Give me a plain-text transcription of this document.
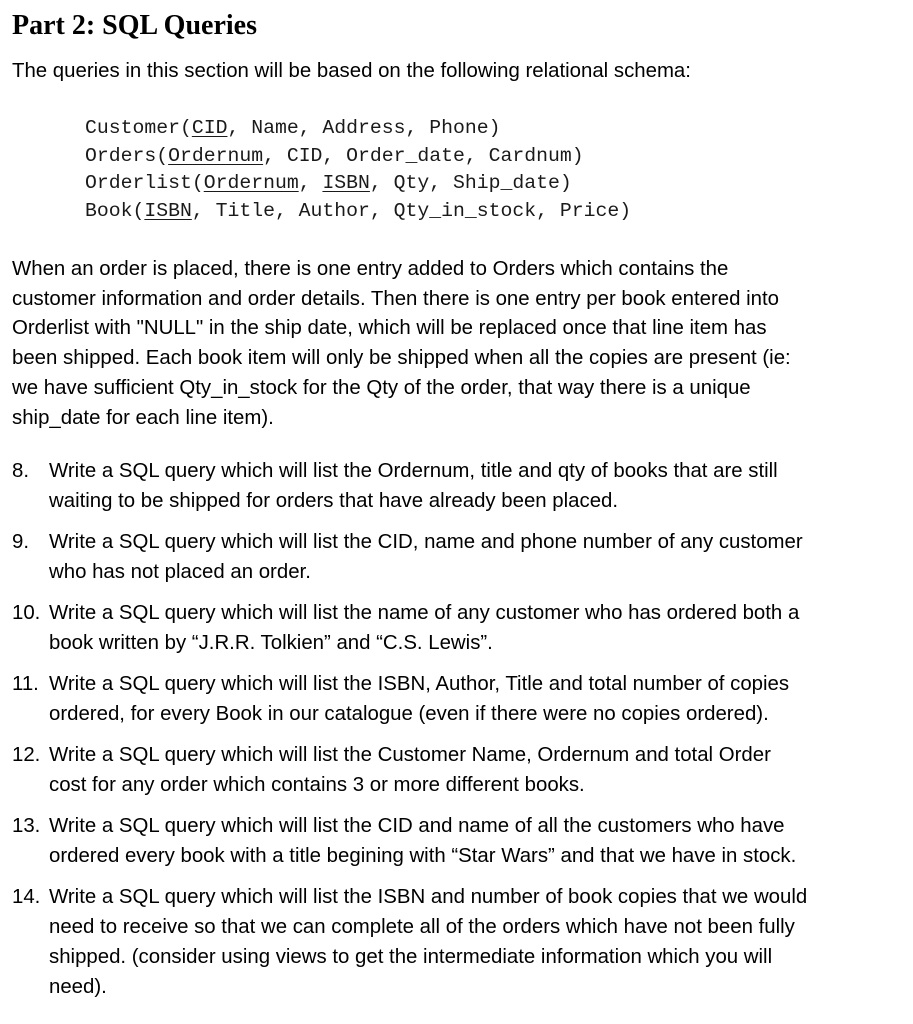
Part 2: SQL Queries

The queries in this section will be based on the following relational schema:

Customer(CID, Name, Address, Phone)
Orders(Ordernum, CID, Order_date, Cardnum)
Orderlist(Ordernum, ISBN, Qty, Ship_date)
Book(ISBN, Title, Author, Qty_in_stock, Price)

When an order is placed, there is one entry added to Orders which contains the
customer information and order details. Then there is one entry per book entered into
Orderlist with "NULL" in the ship date, which will be replaced once that line item has
been shipped. Each book item will only be shipped when all the copies are present (ie:
we have sufficient Qty_in_stock for the Qty of the order, that way there is a unique
ship_date for each line item).

8. Write a SQL query which will list the Ordernum, title and qty of books that are still
waiting to be shipped for orders that have already been placed.
9. Write a SQL query which will list the CID, name and phone number of any customer
who has not placed an order.
10. Write a SQL query which will list the name of any customer who has ordered both a
book written by “J.R.R. Tolkien” and “C.S. Lewis”.
11. Write a SQL query which will list the ISBN, Author, Title and total number of copies
ordered, for every Book in our catalogue (even if there were no copies ordered).
12. Write a SQL query which will list the Customer Name, Ordernum and total Order
cost for any order which contains 3 or more different books.
13. Write a SQL query which will list the CID and name of all the customers who have
ordered every book with a title begining with “Star Wars” and that we have in stock.
14. Write a SQL query which will list the ISBN and number of book copies that we would
need to receive so that we can complete all of the orders which have not been fully
shipped. (consider using views to get the intermediate information which you will
need).
